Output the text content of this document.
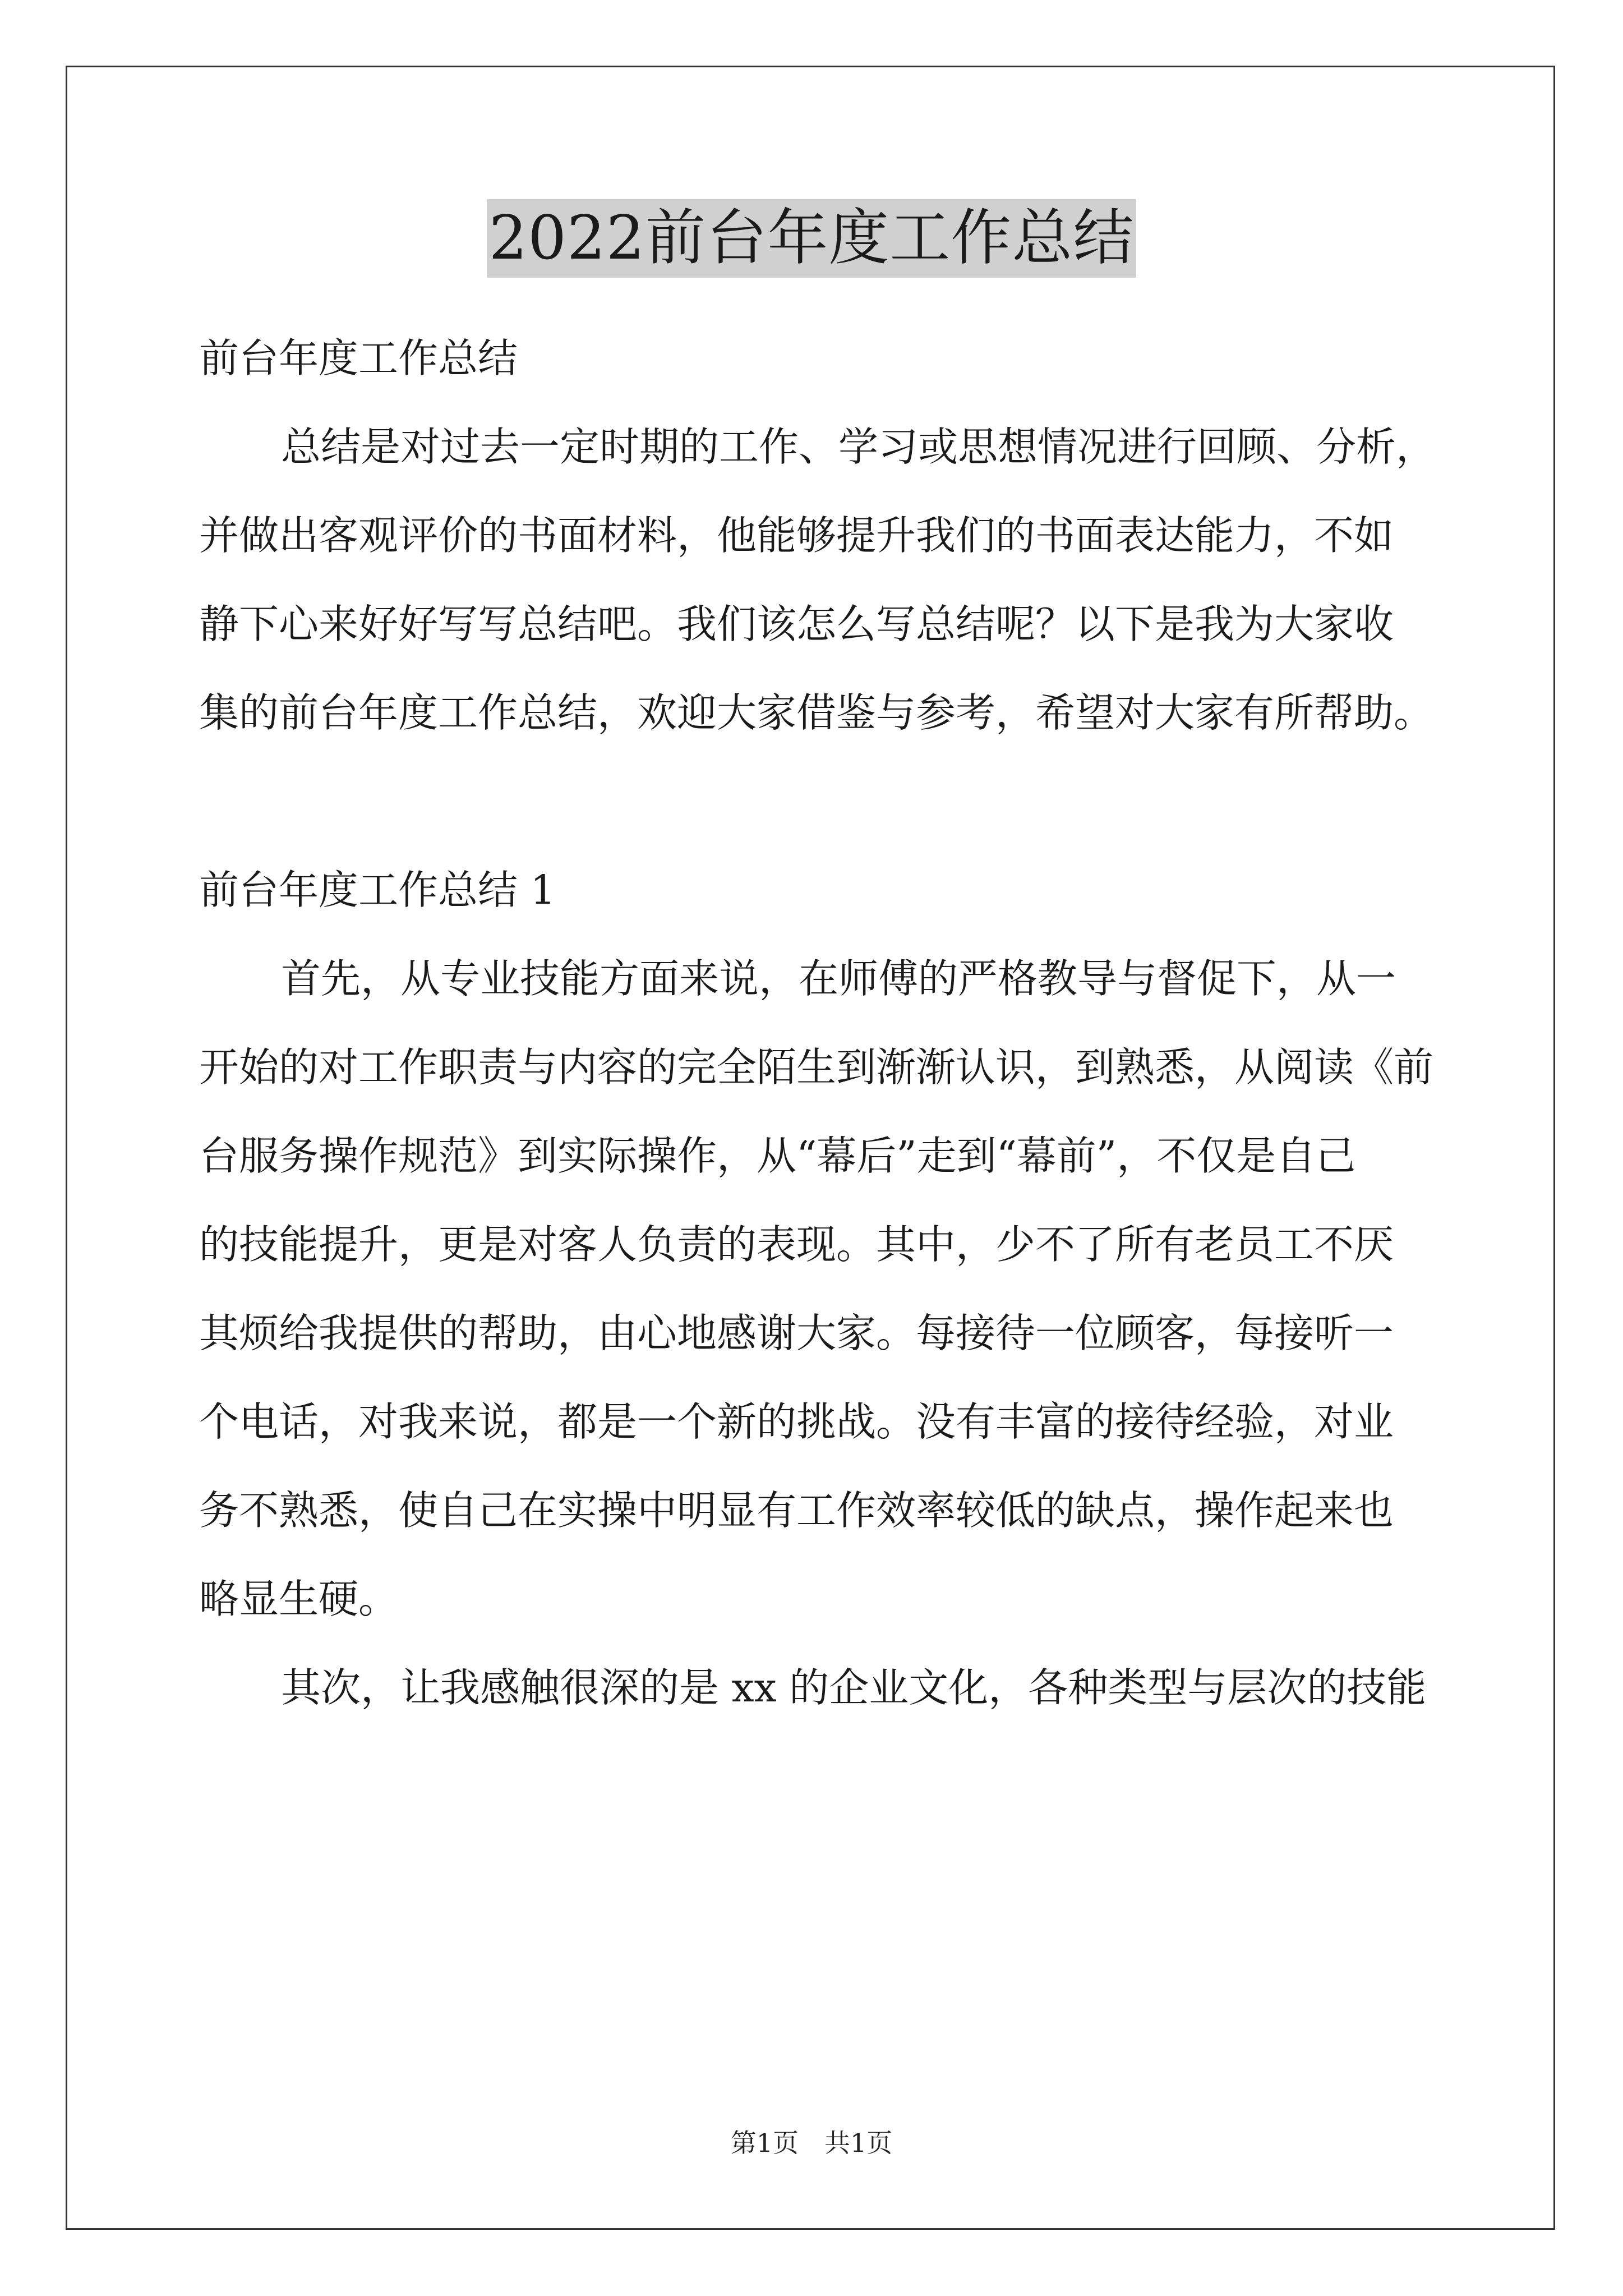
2022前台年度工作总结
前台年度工作总结
总结是对过去一定时期的工作、学习或思想情况进行回顾、分析，
并做出客观评价的书面材料，他能够提升我们的书面表达能力，不如
静下心来好好写写总结吧。我们该怎么写总结呢？以下是我为大家收
集的前台年度工作总结，欢迎大家借鉴与参考，希望对大家有所帮助。
前台年度工作总结 1
首先，从专业技能方面来说，在师傅的严格教导与督促下，从一
开始的对工作职责与内容的完全陌生到渐渐认识，到熟悉，从阅读《前
台服务操作规范》到实际操作，从“幕后”走到“幕前”，不仅是自己
的技能提升，更是对客人负责的表现。其中，少不了所有老员工不厌
其烦给我提供的帮助，由心地感谢大家。每接待一位顾客，每接听一
个电话，对我来说，都是一个新的挑战。没有丰富的接待经验，对业
务不熟悉，使自己在实操中明显有工作效率较低的缺点，操作起来也
略显生硬。
其次，让我感触很深的是 xx 的企业文化，各种类型与层次的技能
第1页 共1页
